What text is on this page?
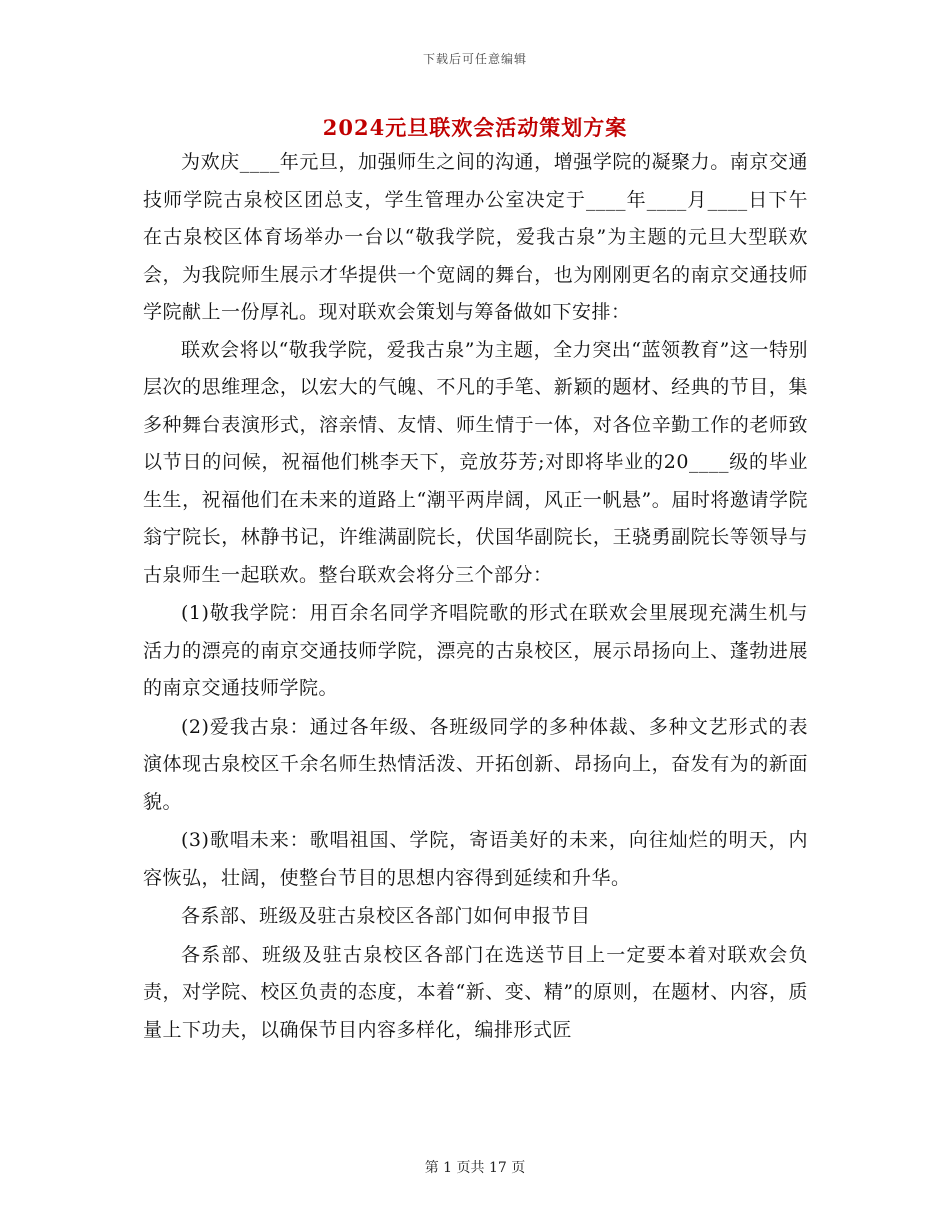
下载后可任意编辑
2024元旦联欢会活动策划方案

为欢庆____年元旦，加强师生之间的沟通，增强学院的凝聚力。南京交通技师学院古泉校区团总支，学生管理办公室决定于____年____月____日下午在古泉校区体育场举办一台以“敬我学院，爱我古泉”为主题的元旦大型联欢会，为我院师生展示才华提供一个宽阔的舞台，也为刚刚更名的南京交通技师学院献上一份厚礼。现对联欢会策划与筹备做如下安排：

联欢会将以“敬我学院，爱我古泉”为主题，全力突出“蓝领教育”这一特别层次的思维理念，以宏大的气魄、不凡的手笔、新颖的题材、经典的节目，集多种舞台表演形式，溶亲情、友情、师生情于一体，对各位辛勤工作的老师致以节日的问候，祝福他们桃李天下，竞放芬芳;对即将毕业的20____级的毕业生生，祝福他们在未来的道路上“潮平两岸阔，风正一帆悬”。届时将邀请学院翁宁院长，林静书记，许维满副院长，伏国华副院长，王骁勇副院长等领导与古泉师生一起联欢。整台联欢会将分三个部分：

(1)敬我学院：用百余名同学齐唱院歌的形式在联欢会里展现充满生机与活力的漂亮的南京交通技师学院，漂亮的古泉校区，展示昂扬向上、蓬勃进展的南京交通技师学院。

(2)爱我古泉：通过各年级、各班级同学的多种体裁、多种文艺形式的表演体现古泉校区千余名师生热情活泼、开拓创新、昂扬向上，奋发有为的新面貌。

(3)歌唱未来：歌唱祖国、学院，寄语美好的未来，向往灿烂的明天，内容恢弘，壮阔，使整台节目的思想内容得到延续和升华。

各系部、班级及驻古泉校区各部门如何申报节目

各系部、班级及驻古泉校区各部门在选送节目上一定要本着对联欢会负责，对学院、校区负责的态度，本着“新、变、精”的原则，在题材、内容，质量上下功夫，以确保节目内容多样化，编排形式匠

第 1 页共 17 页
